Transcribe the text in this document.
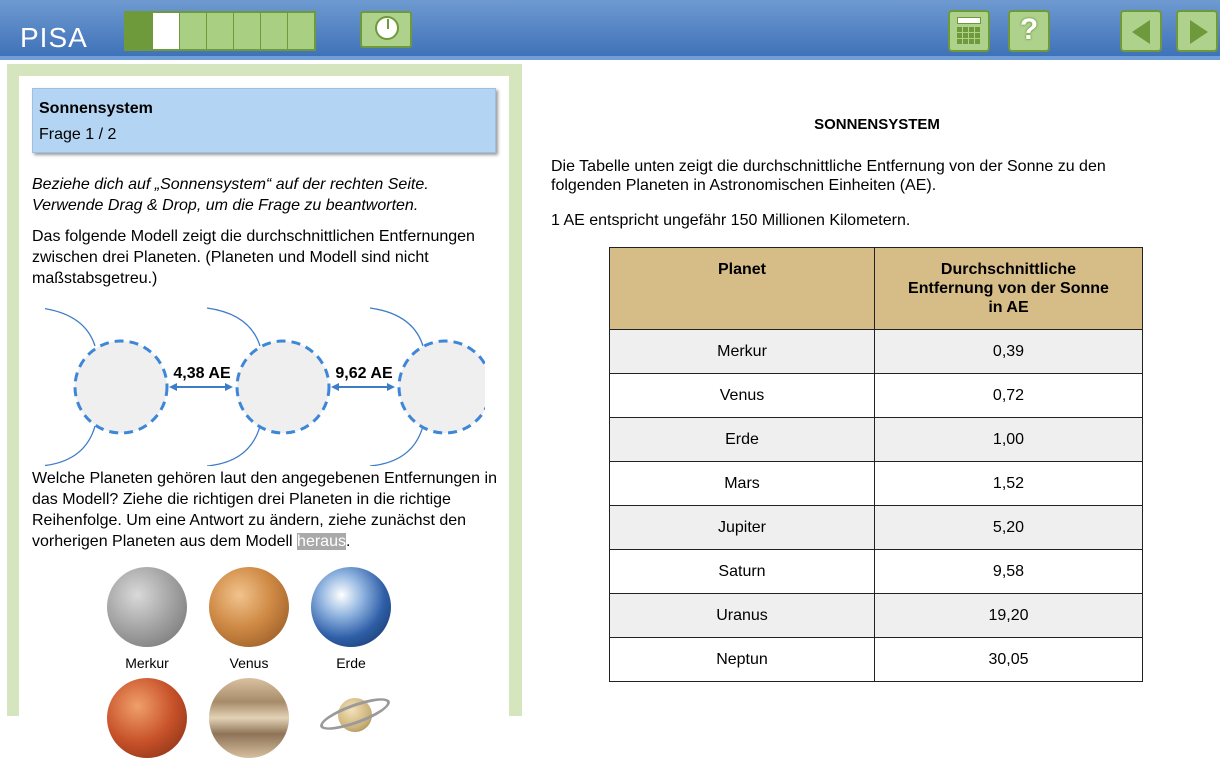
PISA	?
Sonnensystem
Frage 1 / 2
Beziehe dich auf „Sonnensystem“ auf der rechten Seite.
Verwende Drag & Drop, um die Frage zu beantworten.
Das folgende Modell zeigt die durchschnittlichen Entfernungen zwischen drei Planeten. (Planeten und Modell sind nicht maßstabsgetreu.)
4,38 AE	9,62 AE
Welche Planeten gehören laut den angegebenen Entfernungen in das Modell? Ziehe die richtigen drei Planeten in die richtige Reihenfolge. Um eine Antwort zu ändern, ziehe zunächst den vorherigen Planeten aus dem Modell heraus.
Merkur	Venus	Erde
SONNENSYSTEM
Die Tabelle unten zeigt die durchschnittliche Entfernung von der Sonne zu den folgenden Planeten in Astronomischen Einheiten (AE).
1 AE entspricht ungefähr 150 Millionen Kilometern.
Planet	Durchschnittliche
Entfernung von der Sonne
in AE
Merkur	0,39
Venus	0,72
Erde	1,00
Mars	1,52
Jupiter	5,20
Saturn	9,58
Uranus	19,20
Neptun	30,05
